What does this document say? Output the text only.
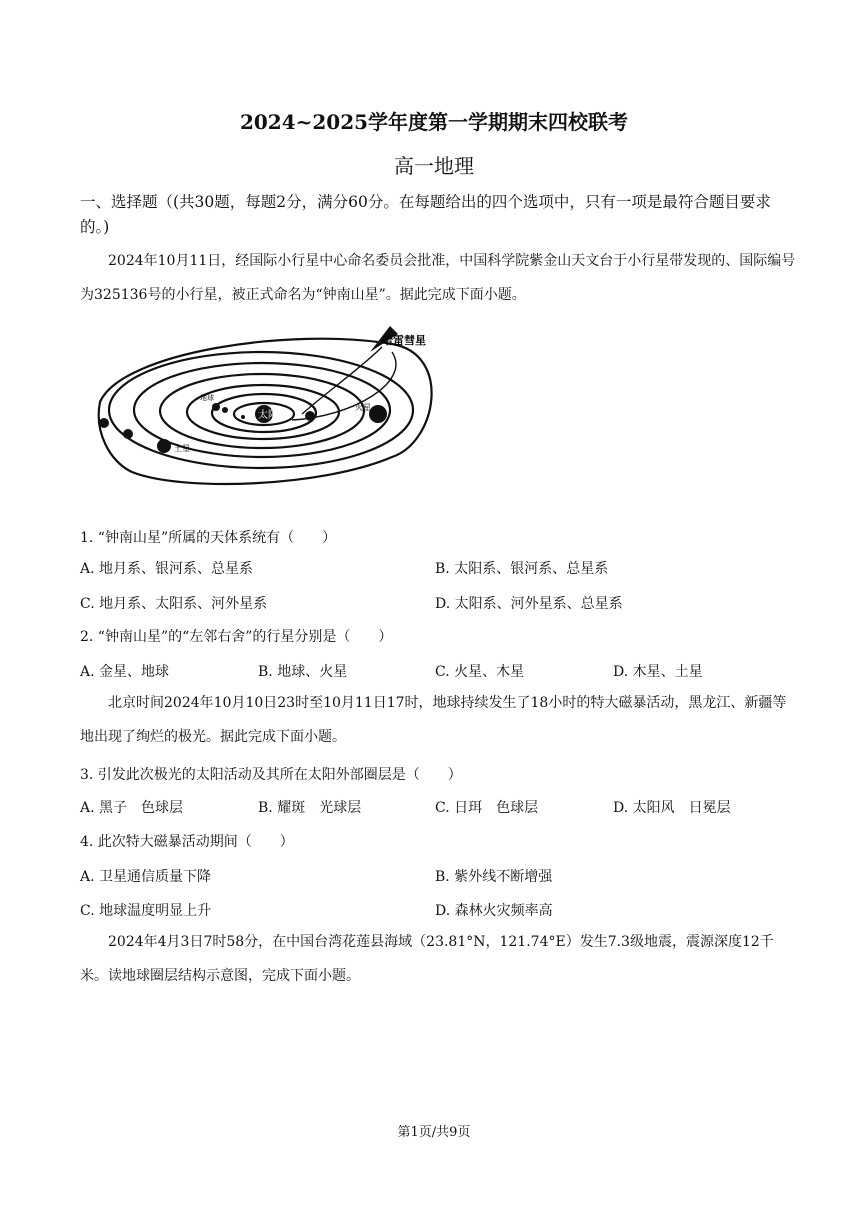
2024~2025学年度第一学期期末四校联考
高一地理
一、选择题（(共30题，每题2分，满分60分。在每题给出的四个选项中，只有一项是最符合题目要求的。)
2024年10月11日，经国际小行星中心命名委员会批准，中国科学院紫金山天文台于小行星带发现的、国际编号为325136号的小行星，被正式命名为“钟南山星”。据此完成下面小题。
哈雷彗星
太阳
火星
土星
地球
1. “钟南山星”所属的天体系统有（　　）
A. 地月系、银河系、总星系	B. 太阳系、银河系、总星系
C. 地月系、太阳系、河外星系	D. 太阳系、河外星系、总星系
2. “钟南山星”的“左邻右舍”的行星分别是（　　）
A. 金星、地球	B. 地球、火星	C. 火星、木星	D. 木星、土星
北京时间2024年10月10日23时至10月11日17时，地球持续发生了18小时的特大磁暴活动，黑龙江、新疆等地出现了绚烂的极光。据此完成下面小题。
3. 引发此次极光的太阳活动及其所在太阳外部圈层是（　　）
A. 黑子　色球层	B. 耀斑　光球层	C. 日珥　色球层	D. 太阳风　日冕层
4. 此次特大磁暴活动期间（　　）
A. 卫星通信质量下降	B. 紫外线不断增强
C. 地球温度明显上升	D. 森林火灾频率高
2024年4月3日7时58分，在中国台湾花莲县海域（23.81°N，121.74°E）发生7.3级地震，震源深度12千米。读地球圈层结构示意图，完成下面小题。
第1页/共9页
